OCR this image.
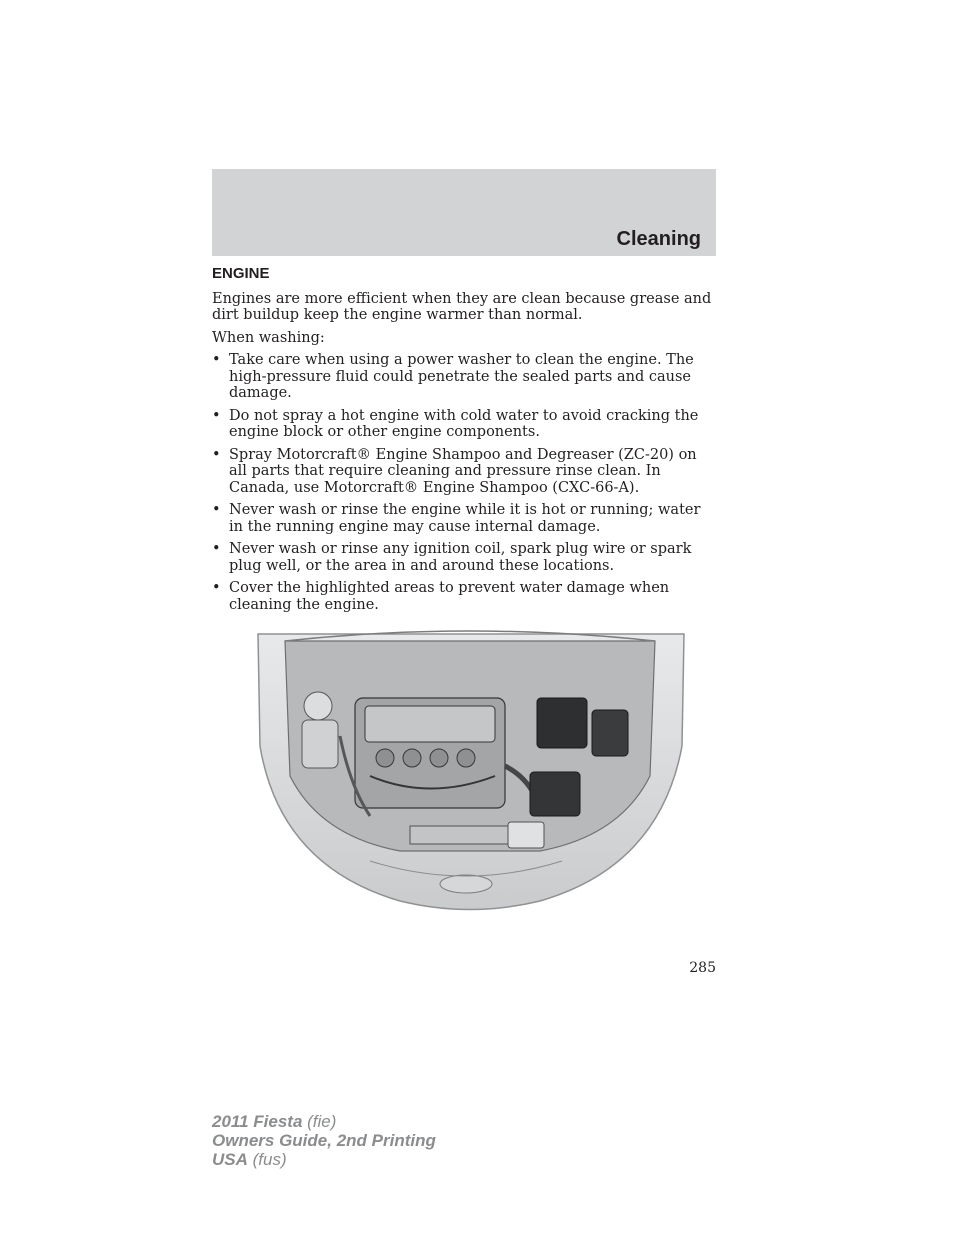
Cleaning
ENGINE

Engines are more efficient when they are clean because grease and dirt buildup keep the engine warmer than normal.

When washing:

• Take care when using a power washer to clean the engine. The high-pressure fluid could penetrate the sealed parts and cause damage.
• Do not spray a hot engine with cold water to avoid cracking the engine block or other engine components.
• Spray Motorcraft® Engine Shampoo and Degreaser (ZC-20) on all parts that require cleaning and pressure rinse clean. In Canada, use Motorcraft® Engine Shampoo (CXC-66-A).
• Never wash or rinse the engine while it is hot or running; water in the running engine may cause internal damage.
• Never wash or rinse any ignition coil, spark plug wire or spark plug well, or the area in and around these locations.
• Cover the highlighted areas to prevent water damage when cleaning the engine.
285
2011 Fiesta (fie)
Owners Guide, 2nd Printing
USA (fus)
